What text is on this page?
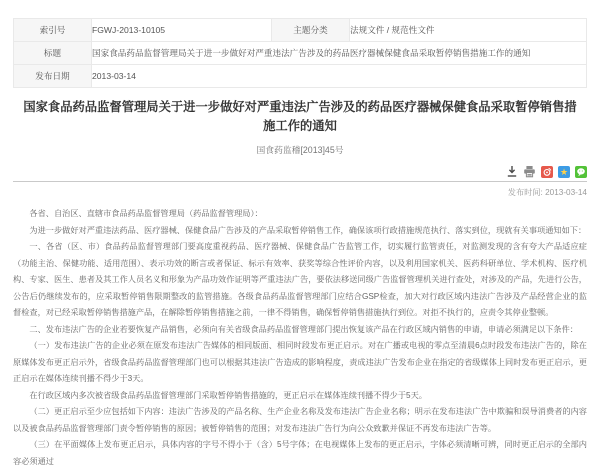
索引号	FGWJ-2013-10105	主题分类	法规文件 / 规范性文件
标题	国家食品药品监督管理局关于进一步做好对严重违法广告涉及的药品医疗器械保健食品采取暂停销售措施工作的通知		
发布日期	2013-03-14		
国家食品药品监督管理局关于进一步做好对严重违法广告涉及的药品医疗器械保健食品采取暂停销售措施工作的通知
国食药监稽[2013]45号
★
发布时间: 2013-03-14

各省、自治区、直辖市食品药品监督管理局（药品监督管理局）：

为进一步做好对严重违法药品、医疗器械、保健食品广告涉及的产品采取暂停销售工作，确保该项行政措施规范执行、落实到位，现就有关事项通知如下：

一、各省（区、市）食品药品监督管理部门要高度重视药品、医疗器械、保健食品广告监管工作，切实履行监管责任，对监测发现的含有夸大产品适应症（功能主治、保健功能、适用范围）、表示功效的断言或者保证、标示有效率、获奖等综合性评价内容，以及利用国家机关、医药科研单位、学术机构、医疗机构、专家、医生、患者及其工作人员名义和形象为产品功效作证明等严重违法广告，要依法移送同级广告监督管理机关进行查处，对涉及的产品，先进行公告，公告后仍继续发布的，应采取暂停销售限期整改的监管措施。各级食品药品监督管理部门应结合GSP检查，加大对行政区域内违法广告涉及产品经营企业的监督检查，对已经采取暂停销售措施产品，在解除暂停销售措施之前，一律不得销售，确保暂停销售措施执行到位。对拒不执行的，应责令其停业整顿。

二、发布违法广告的企业若要恢复产品销售，必须向有关省级食品药品监督管理部门提出恢复该产品在行政区域内销售的申请，申请必须满足以下条件：

（一）发布违法广告的企业必须在原发布违法广告媒体的相同版面、相同时段发布更正启示。对在广播或电视的零点至清晨6点时段发布违法广告的，除在原媒体发布更正启示外，省级食品药品监督管理部门也可以根据其违法广告造成的影响程度，责成违法广告发布企业在指定的省级媒体上同时发布更正启示，更正启示在媒体连续刊播不得少于3天。

在行政区域内多次被省级食品药品监督管理部门采取暂停销售措施的，更正启示在媒体连续刊播不得少于5天。

（二）更正启示至少应包括如下内容：违法广告涉及的产品名称、生产企业名称及发布违法广告企业名称；明示在发布违法广告中欺骗和误导消费者的内容以及被食品药品监督管理部门责令暂停销售的原因；被暂停销售的范围；对发布违法广告行为向公众致歉并保证不再发布违法广告等。

（三）在平面媒体上发布更正启示，具体内容的字号不得小于（含）5号字体；在电视媒体上发布的更正启示，字体必须清晰可辨，同时更正启示的全部内容必须通过
